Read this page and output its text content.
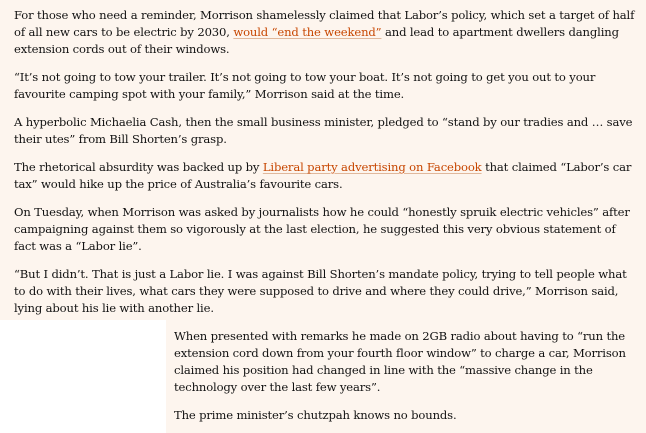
For those who need a reminder, Morrison shamelessly claimed that Labor’s policy, which set a target of half of all new cars to be electric by 2030, would “end the weekend” and lead to apartment dwellers dangling extension cords out of their windows.

“It’s not going to tow your trailer. It’s not going to tow your boat. It’s not going to get you out to your favourite camping spot with your family,” Morrison said at the time.

A hyperbolic Michaelia Cash, then the small business minister, pledged to “stand by our tradies and … save their utes” from Bill Shorten’s grasp.

The rhetorical absurdity was backed up by Liberal party advertising on Facebook that claimed “Labor’s car tax” would hike up the price of Australia’s favourite cars.

On Tuesday, when Morrison was asked by journalists how he could “honestly spruik electric vehicles” after campaigning against them so vigorously at the last election, he suggested this very obvious statement of fact was a “Labor lie”.

“But I didn’t. That is just a Labor lie. I was against Bill Shorten’s mandate policy, trying to tell people what to do with their lives, what cars they were supposed to drive and where they could drive,” Morrison said, lying about his lie with another lie.

When presented with remarks he made on 2GB radio about having to “run the extension cord down from your fourth floor window” to charge a car, Morrison claimed his position had changed in line with the “massive change in the technology over the last few years”.

The prime minister’s chutzpah knows no bounds.
